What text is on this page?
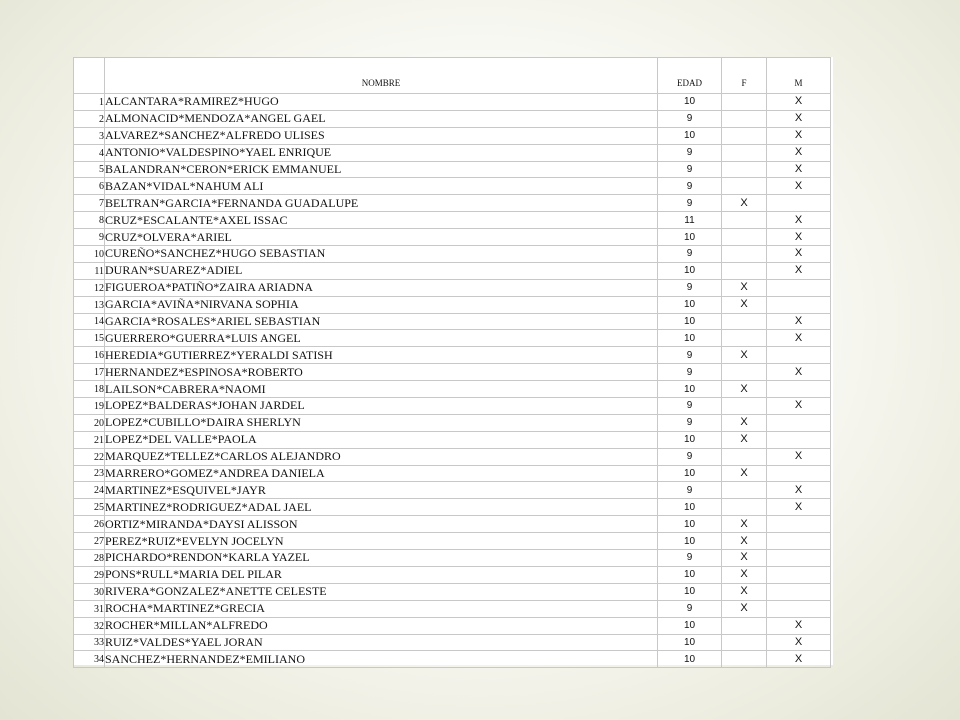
	NOMBRE	EDAD	F	M
1	ALCANTARA*RAMIREZ*HUGO	10		X
2	ALMONACID*MENDOZA*ANGEL GAEL	9		X
3	ALVAREZ*SANCHEZ*ALFREDO ULISES	10		X
4	ANTONIO*VALDESPINO*YAEL ENRIQUE	9		X
5	BALANDRAN*CERON*ERICK EMMANUEL	9		X
6	BAZAN*VIDAL*NAHUM ALI	9		X
7	BELTRAN*GARCIA*FERNANDA GUADALUPE	9	X	
8	CRUZ*ESCALANTE*AXEL ISSAC	11		X
9	CRUZ*OLVERA*ARIEL	10		X
10	CUREÑO*SANCHEZ*HUGO SEBASTIAN	9		X
11	DURAN*SUAREZ*ADIEL	10		X
12	FIGUEROA*PATIÑO*ZAIRA ARIADNA	9	X	
13	GARCIA*AVIÑA*NIRVANA SOPHIA	10	X	
14	GARCIA*ROSALES*ARIEL SEBASTIAN	10		X
15	GUERRERO*GUERRA*LUIS ANGEL	10		X
16	HEREDIA*GUTIERREZ*YERALDI SATISH	9	X	
17	HERNANDEZ*ESPINOSA*ROBERTO	9		X
18	LAILSON*CABRERA*NAOMI	10	X	
19	LOPEZ*BALDERAS*JOHAN JARDEL	9		X
20	LOPEZ*CUBILLO*DAIRA SHERLYN	9	X	
21	LOPEZ*DEL VALLE*PAOLA	10	X	
22	MARQUEZ*TELLEZ*CARLOS ALEJANDRO	9		X
23	MARRERO*GOMEZ*ANDREA DANIELA	10	X	
24	MARTINEZ*ESQUIVEL*JAYR	9		X
25	MARTINEZ*RODRIGUEZ*ADAL JAEL	10		X
26	ORTIZ*MIRANDA*DAYSI ALISSON	10	X	
27	PEREZ*RUIZ*EVELYN JOCELYN	10	X	
28	PICHARDO*RENDON*KARLA YAZEL	9	X	
29	PONS*RULL*MARIA DEL PILAR	10	X	
30	RIVERA*GONZALEZ*ANETTE CELESTE	10	X	
31	ROCHA*MARTINEZ*GRECIA	9	X	
32	ROCHER*MILLAN*ALFREDO	10		X
33	RUIZ*VALDES*YAEL JORAN	10		X
34	SANCHEZ*HERNANDEZ*EMILIANO	10		X
